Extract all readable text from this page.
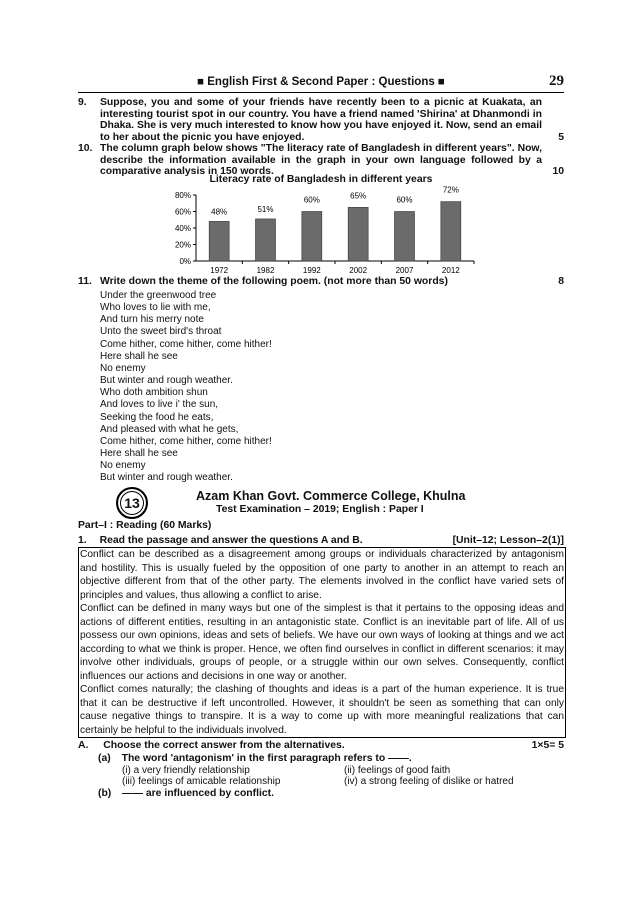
■ English First & Second Paper : Questions ■	29
9. Suppose, you and some of your friends have recently been to a picnic at Kuakata, an interesting tourist spot in our country. You have a friend named 'Shirina' at Dhanmondi in Dhaka. She is very much interested to know how you have enjoyed it. Now, send an email to her about the picnic you have enjoyed.	5
10. The column graph below shows "The literacy rate of Bangladesh in different years". Now, describe the information available in the graph in your own language followed by a comparative analysis in 150 words.	10
Literacy rate of Bangladesh in different years
0%
20%
40%
60%
80%
48%
1972
51%
1982
60%
1992
65%
2002
60%
2007
72%
2012
11. Write down the theme of the following poem. (not more than 50 words)	8
Under the greenwood tree
Who loves to lie with me,
And turn his merry note
Unto the sweet bird's throat
Come hither, come hither, come hither!
Here shall he see
No enemy
But winter and rough weather.
Who doth ambition shun
And loves to live i' the sun,
Seeking the food he eats,
And pleased with what he gets,
Come hither, come hither, come hither!
Here shall he see
No enemy
But winter and rough weather.
13	Azam Khan Govt. Commerce College, Khulna
Test Examination – 2019; English : Paper I
Part–I : Reading (60 Marks)
1. Read the passage and answer the questions A and B.	[Unit–12; Lesson–2(1)]

Conflict can be described as a disagreement among groups or individuals characterized by antagonism and hostility. This is usually fueled by the opposition of one party to another in an attempt to reach an objective different from that of the other party. The elements involved in the conflict have varied sets of principles and values, thus allowing a conflict to arise.

Conflict can be defined in many ways but one of the simplest is that it pertains to the opposing ideas and actions of different entities, resulting in an antagonistic state. Conflict is an inevitable part of life. All of us possess our own opinions, ideas and sets of beliefs. We have our own ways of looking at things and we act according to what we think is proper. Hence, we often find ourselves in conflict in different scenarios: it may involve other individuals, groups of people, or a struggle within our own selves. Consequently, conflict influences our actions and decisions in one way or another.

Conflict comes naturally; the clashing of thoughts and ideas is a part of the human experience. It is true that it can be destructive if left uncontrolled. However, it shouldn't be seen as something that can only cause negative things to transpire. It is a way to come up with more meaningful realizations that can certainly be helpful to the individuals involved.

A. Choose the correct answer from the alternatives.	1×5= 5
(a) The word 'antagonism' in the first paragraph refers to ——.
(i) a very friendly relationship	(ii) feelings of good faith
(iii) feelings of amicable relationship	(iv) a strong feeling of dislike or hatred
(b) —— are influenced by conflict.
